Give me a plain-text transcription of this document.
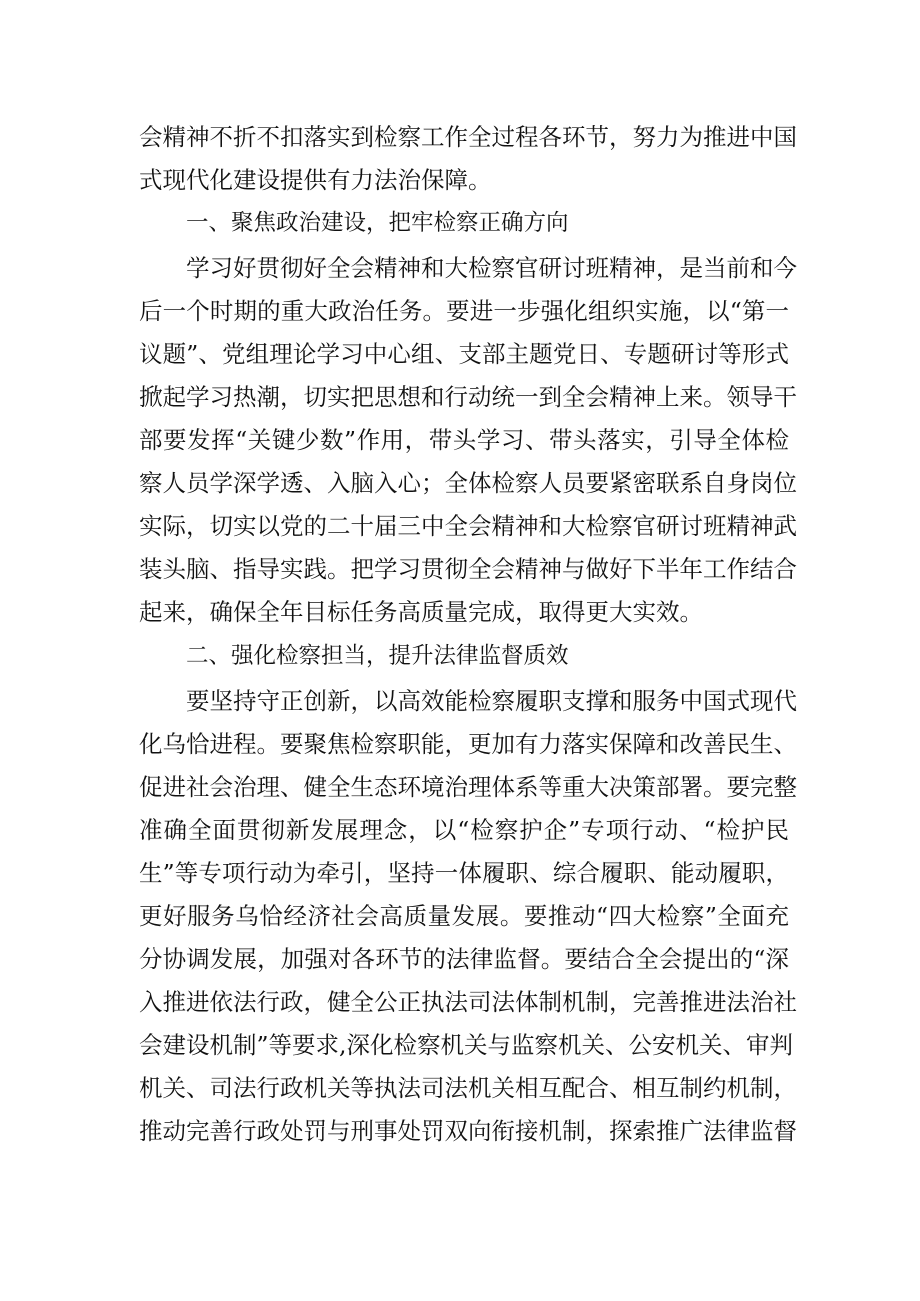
会精神不折不扣落实到检察工作全过程各环节，努力为推进中国
式现代化建设提供有力法治保障。
一、聚焦政治建设，把牢检察正确方向
学习好贯彻好全会精神和大检察官研讨班精神，是当前和今
后一个时期的重大政治任务。要进一步强化组织实施，以“第一
议题”、党组理论学习中心组、支部主题党日、专题研讨等形式
掀起学习热潮，切实把思想和行动统一到全会精神上来。领导干
部要发挥“关键少数”作用，带头学习、带头落实，引导全体检
察人员学深学透、入脑入心；全体检察人员要紧密联系自身岗位
实际，切实以党的二十届三中全会精神和大检察官研讨班精神武
装头脑、指导实践。把学习贯彻全会精神与做好下半年工作结合
起来，确保全年目标任务高质量完成，取得更大实效。
二、强化检察担当，提升法律监督质效
要坚持守正创新，以高效能检察履职支撑和服务中国式现代
化乌恰进程。要聚焦检察职能，更加有力落实保障和改善民生、
促进社会治理、健全生态环境治理体系等重大决策部署。要完整
准确全面贯彻新发展理念，以“检察护企”专项行动、“检护民
生”等专项行动为牵引，坚持一体履职、综合履职、能动履职，
更好服务乌恰经济社会高质量发展。要推动“四大检察”全面充
分协调发展，加强对各环节的法律监督。要结合全会提出的“深
入推进依法行政，健全公正执法司法体制机制，完善推进法治社
会建设机制”等要求,深化检察机关与监察机关、公安机关、审判
机关、司法行政机关等执法司法机关相互配合、相互制约机制，
推动完善行政处罚与刑事处罚双向衔接机制，探索推广法律监督
